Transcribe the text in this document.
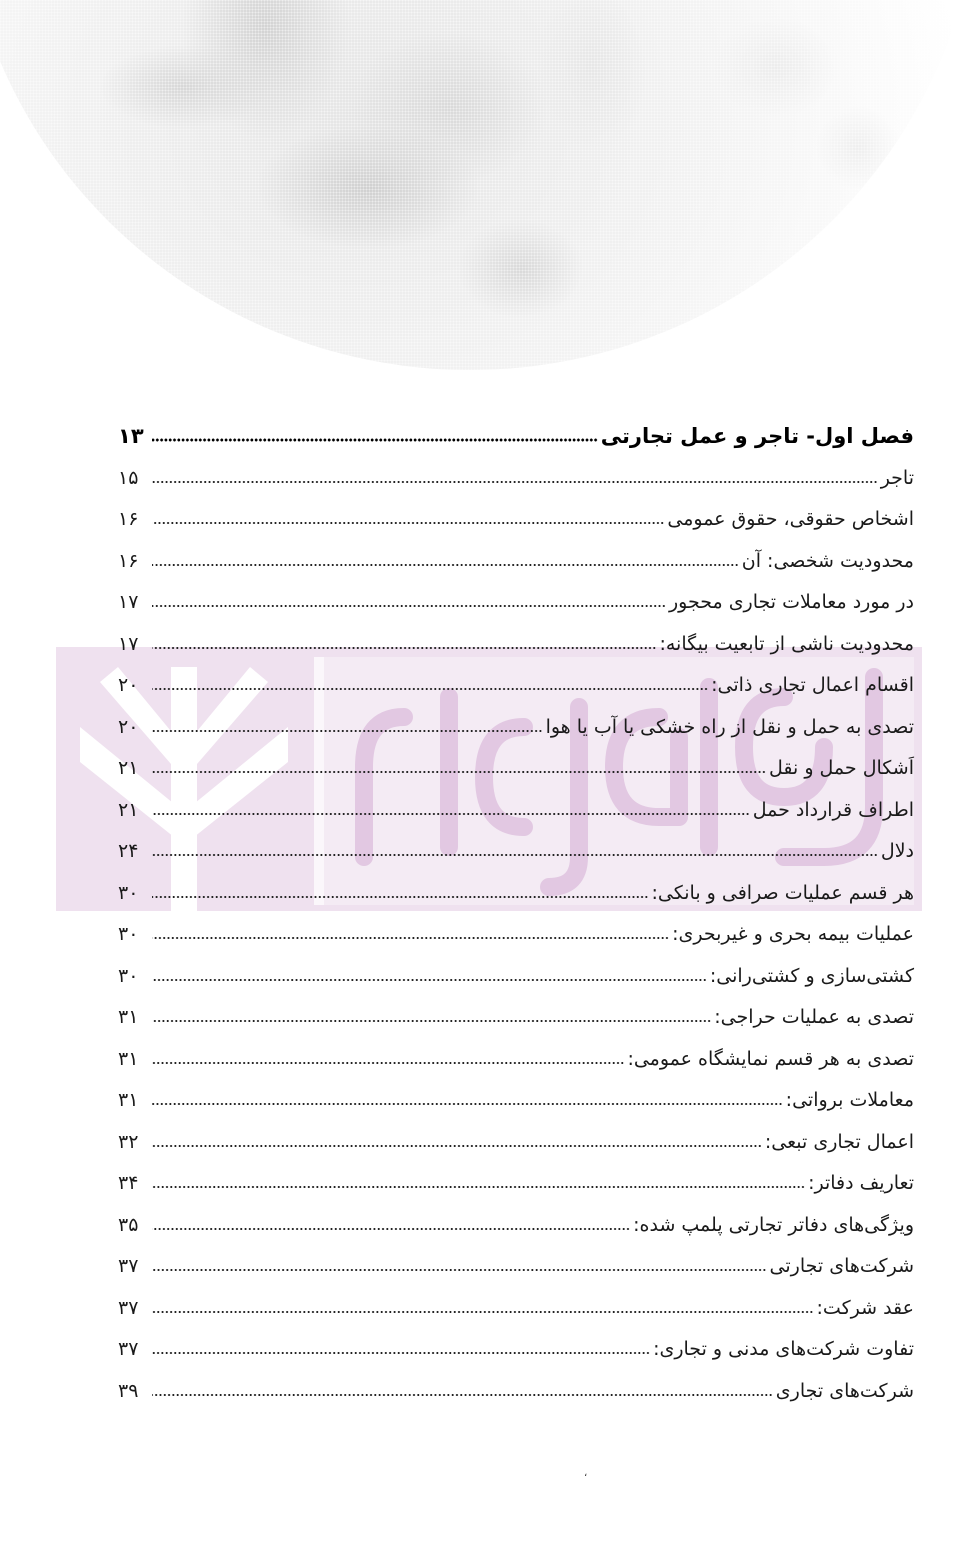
فصل اول- تاجر و عمل تجارتی
۱۳
تاجر
۱۵
اشخاص حقوقی، حقوق عمومی
۱۶
محدودیت شخصی: آن
۱۶
در مورد معاملات تجاری محجور
۱۷
محدودیت ناشی از تابعیت بیگانه:
۱۷
اقسام اعمال تجاری ذاتی:
۲۰
تصدی به حمل و نقل از راه خشکی یا آب یا هوا
۲۰
اَشکال حمل و نقل
۲۱
اطراف قرارداد حمل
۲۱
دلال
۲۴
هر قسم عملیات صرافی و بانکی:
۳۰
عملیات بیمه بحری و غیربحری:
۳۰
کشتی‌سازی و کشتی‌رانی:
۳۰
تصدی به عملیات حراجی:
۳۱
تصدی به هر قسم نمایشگاه عمومی:
۳۱
معاملات برواتی:
۳۱
اعمال تجاری تبعی:
۳۲
تعاریف دفاتر:
۳۴
ویژگی‌های دفاتر تجارتی پلمپ شده:
۳۵
شرکت‌های تجارتی
۳۷
عقد شرکت:
۳۷
تفاوت شرکت‌های مدنی و تجاری:
۳۷
شرکت‌های تجاری
۳۹
،
